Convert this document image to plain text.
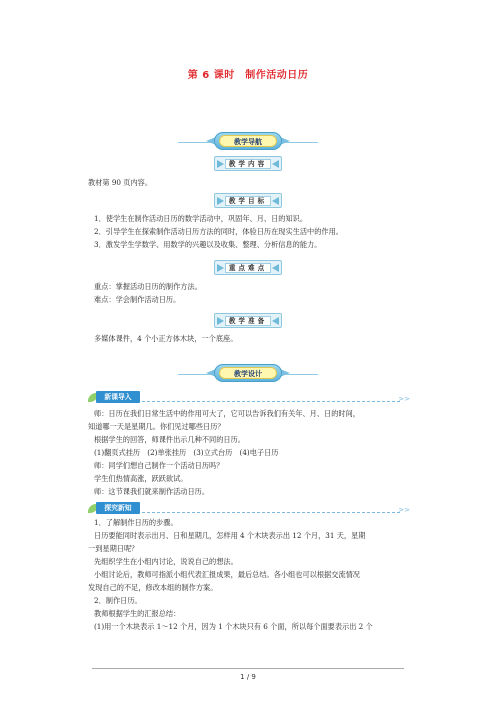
第 6 课时　制作活动日历
教学导航
教学内容
教材第 90 页内容。
教学目标
1．使学生在制作活动日历的数学活动中，巩固年、月、日的知识。
2．引导学生在探索制作活动日历方法的同时，体验日历在现实生活中的作用。
3．激发学生学数学、用数学的兴趣以及收集、整理、分析信息的能力。
重点难点
重点：掌握活动日历的制作方法。
难点：学会制作活动日历。
教学准备
多媒体课件，4 个小正方体木块，一个底座。
教学设计
新课导入	>>
师：日历在我们日常生活中的作用可大了，它可以告诉我们有关年、月、日的时间，
知道哪一天是星期几。你们见过哪些日历？
根据学生的回答，师课件出示几种不同的日历。
(1)翻页式挂历　(2)单张挂历　(3)立式台历　(4)电子日历
师：同学们想自己制作一个活动日历吗？
学生们热情高涨，跃跃欲试。
师：这节课我们就来制作活动日历。
探究新知	>>
1．了解制作日历的步骤。
日历要能同时表示出月、日和星期几，怎样用 4 个木块表示出 12 个月，31 天，星期
一到星期日呢？
先组织学生在小组内讨论，说说自己的想法。
小组讨论后，教师可指派小组代表汇报成果，最后总结。各小组也可以根据交流情况
发现自己的不足，修改本组的制作方案。
2．制作日历。
教师根据学生的汇报总结：
(1)用一个木块表示 1～12 个月，因为 1 个木块只有 6 个面，所以每个面要表示出 2 个
1 / 9
